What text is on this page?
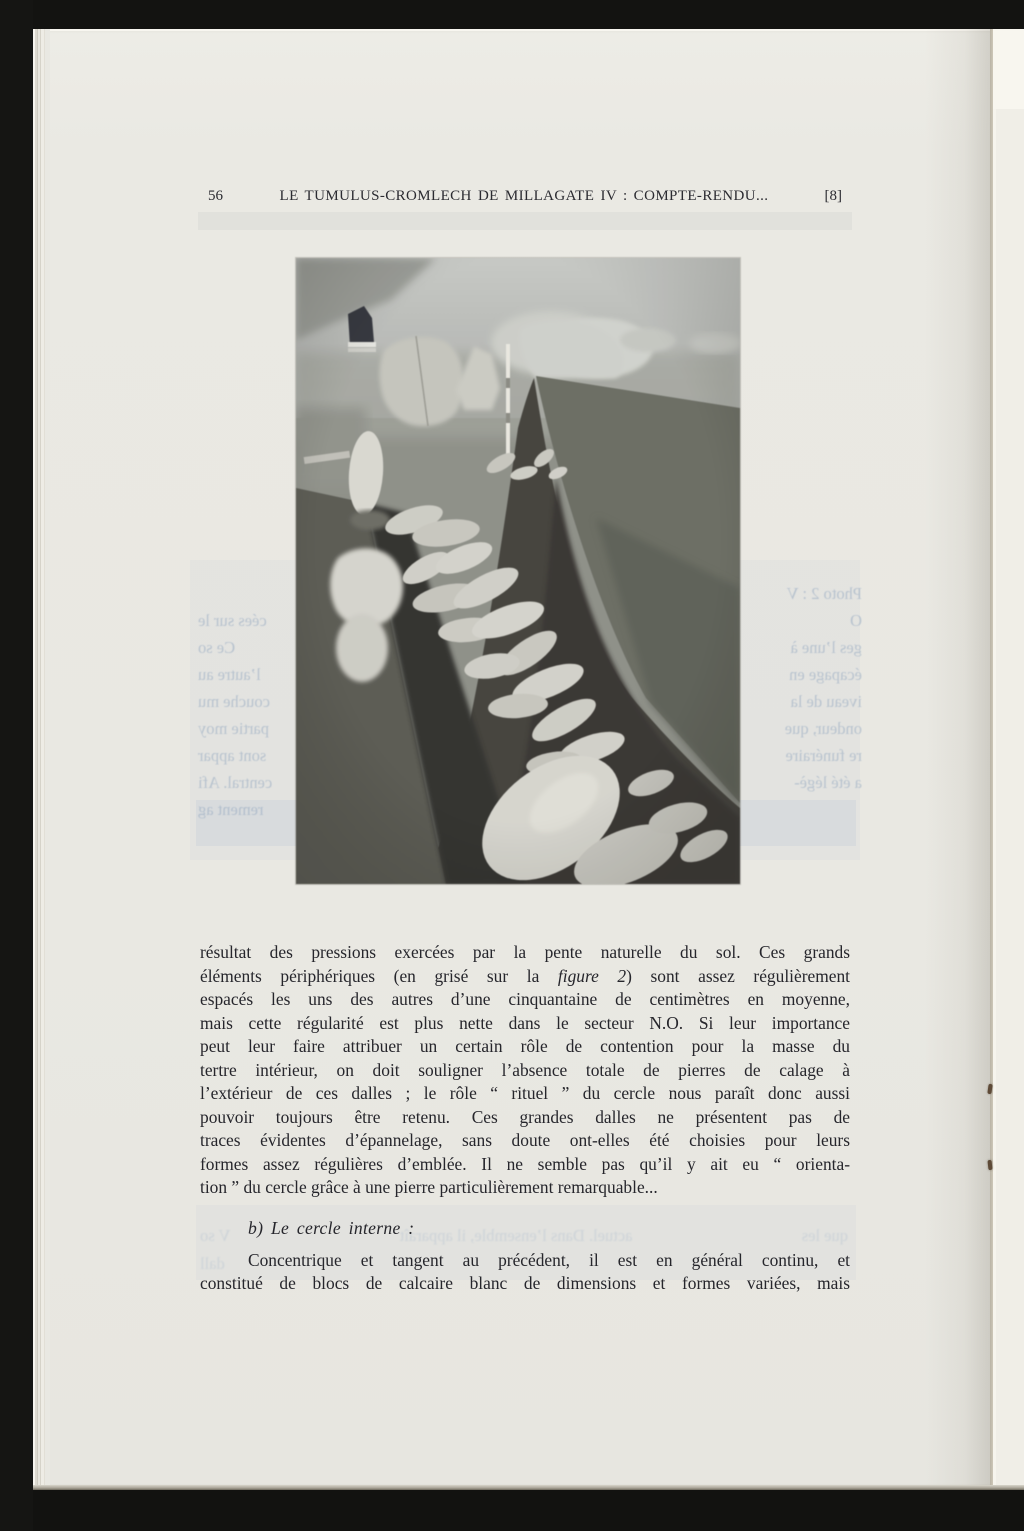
Photo 2 : V
O
cées sur le
ges l’une à
Ce so
écapage en
l’autre au
iveau de la
couche mu
ondeur, que
partie moy
re funéraire
sont appar
a été légè-
central. Afi
rement ag
que les
actuel. Dans l’ensemble, il apparaît
V so
dall
56	LE TUMULUS-CROMLECH DE MILLAGATE IV : COMPTE-RENDU...	[8]
résultat des pressions exercées par la pente naturelle du sol. Ces grands
éléments périphériques (en grisé sur la figure 2) sont assez régulièrement
espacés les uns des autres d’une cinquantaine de centimètres en moyenne,
mais cette régularité est plus nette dans le secteur N.O. Si leur importance
peut leur faire attribuer un certain rôle de contention pour la masse du
tertre intérieur, on doit souligner l’absence totale de pierres de calage à
l’extérieur de ces dalles ; le rôle “ rituel ” du cercle nous paraît donc aussi
pouvoir toujours être retenu. Ces grandes dalles ne présentent pas de
traces évidentes d’épannelage, sans doute ont-elles été choisies pour leurs
formes assez régulières d’emblée. Il ne semble pas qu’il y ait eu “ orienta-
tion ” du cercle grâce à une pierre particulièrement remarquable...
b) Le cercle interne :
Concentrique et tangent au précédent, il est en général continu, et
constitué de blocs de calcaire blanc de dimensions et formes variées, mais
